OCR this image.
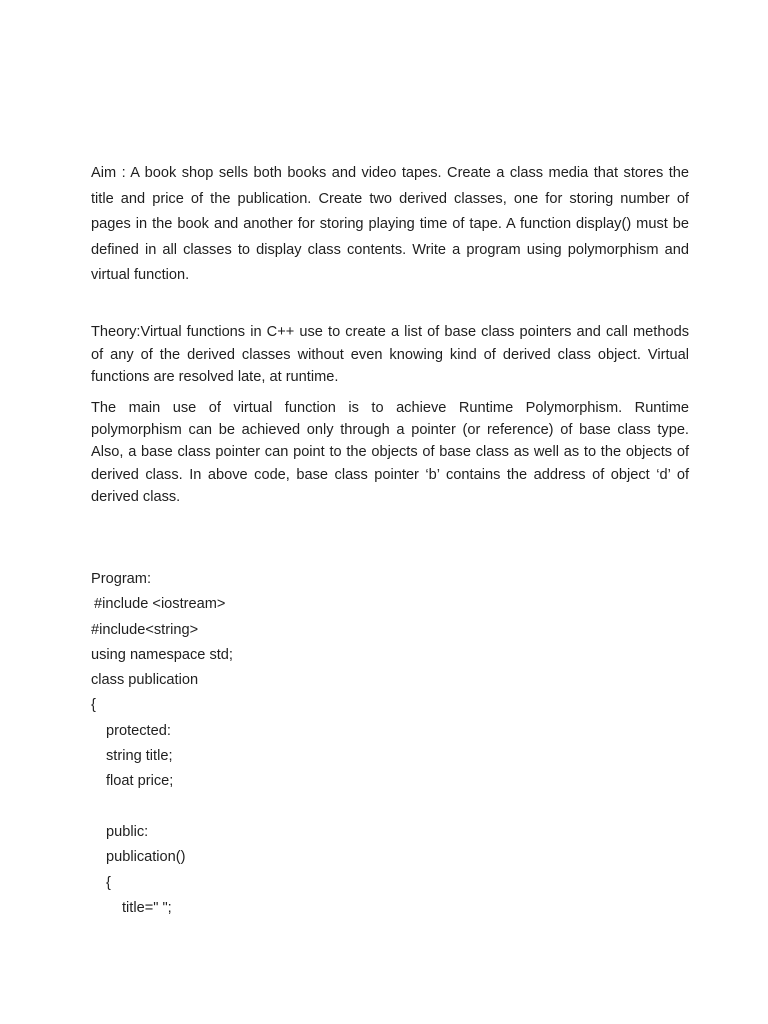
Aim : A book shop sells both books and video tapes. Create a class media that stores the title and price of the publication. Create two derived classes, one for storing number of pages in the book and another for storing playing time of tape. A function display() must be defined in all classes to display class contents. Write a program using polymorphism and virtual function.

Theory:Virtual functions in C++ use to create a list of base class pointers and call methods of any of the derived classes without even knowing kind of derived class object. Virtual functions are resolved late, at runtime.

The main use of virtual function is to achieve Runtime Polymorphism. Runtime polymorphism can be achieved only through a pointer (or reference) of base class type. Also, a base class pointer can point to the objects of base class as well as to the objects of derived class. In above code, base class pointer ‘b’ contains the address of object ‘d’ of derived class.

Program:
#include <iostream>
#include<string>
using namespace std;
class publication
{
protected:
string title;
float price;
public:
publication()
{
title=" ";
